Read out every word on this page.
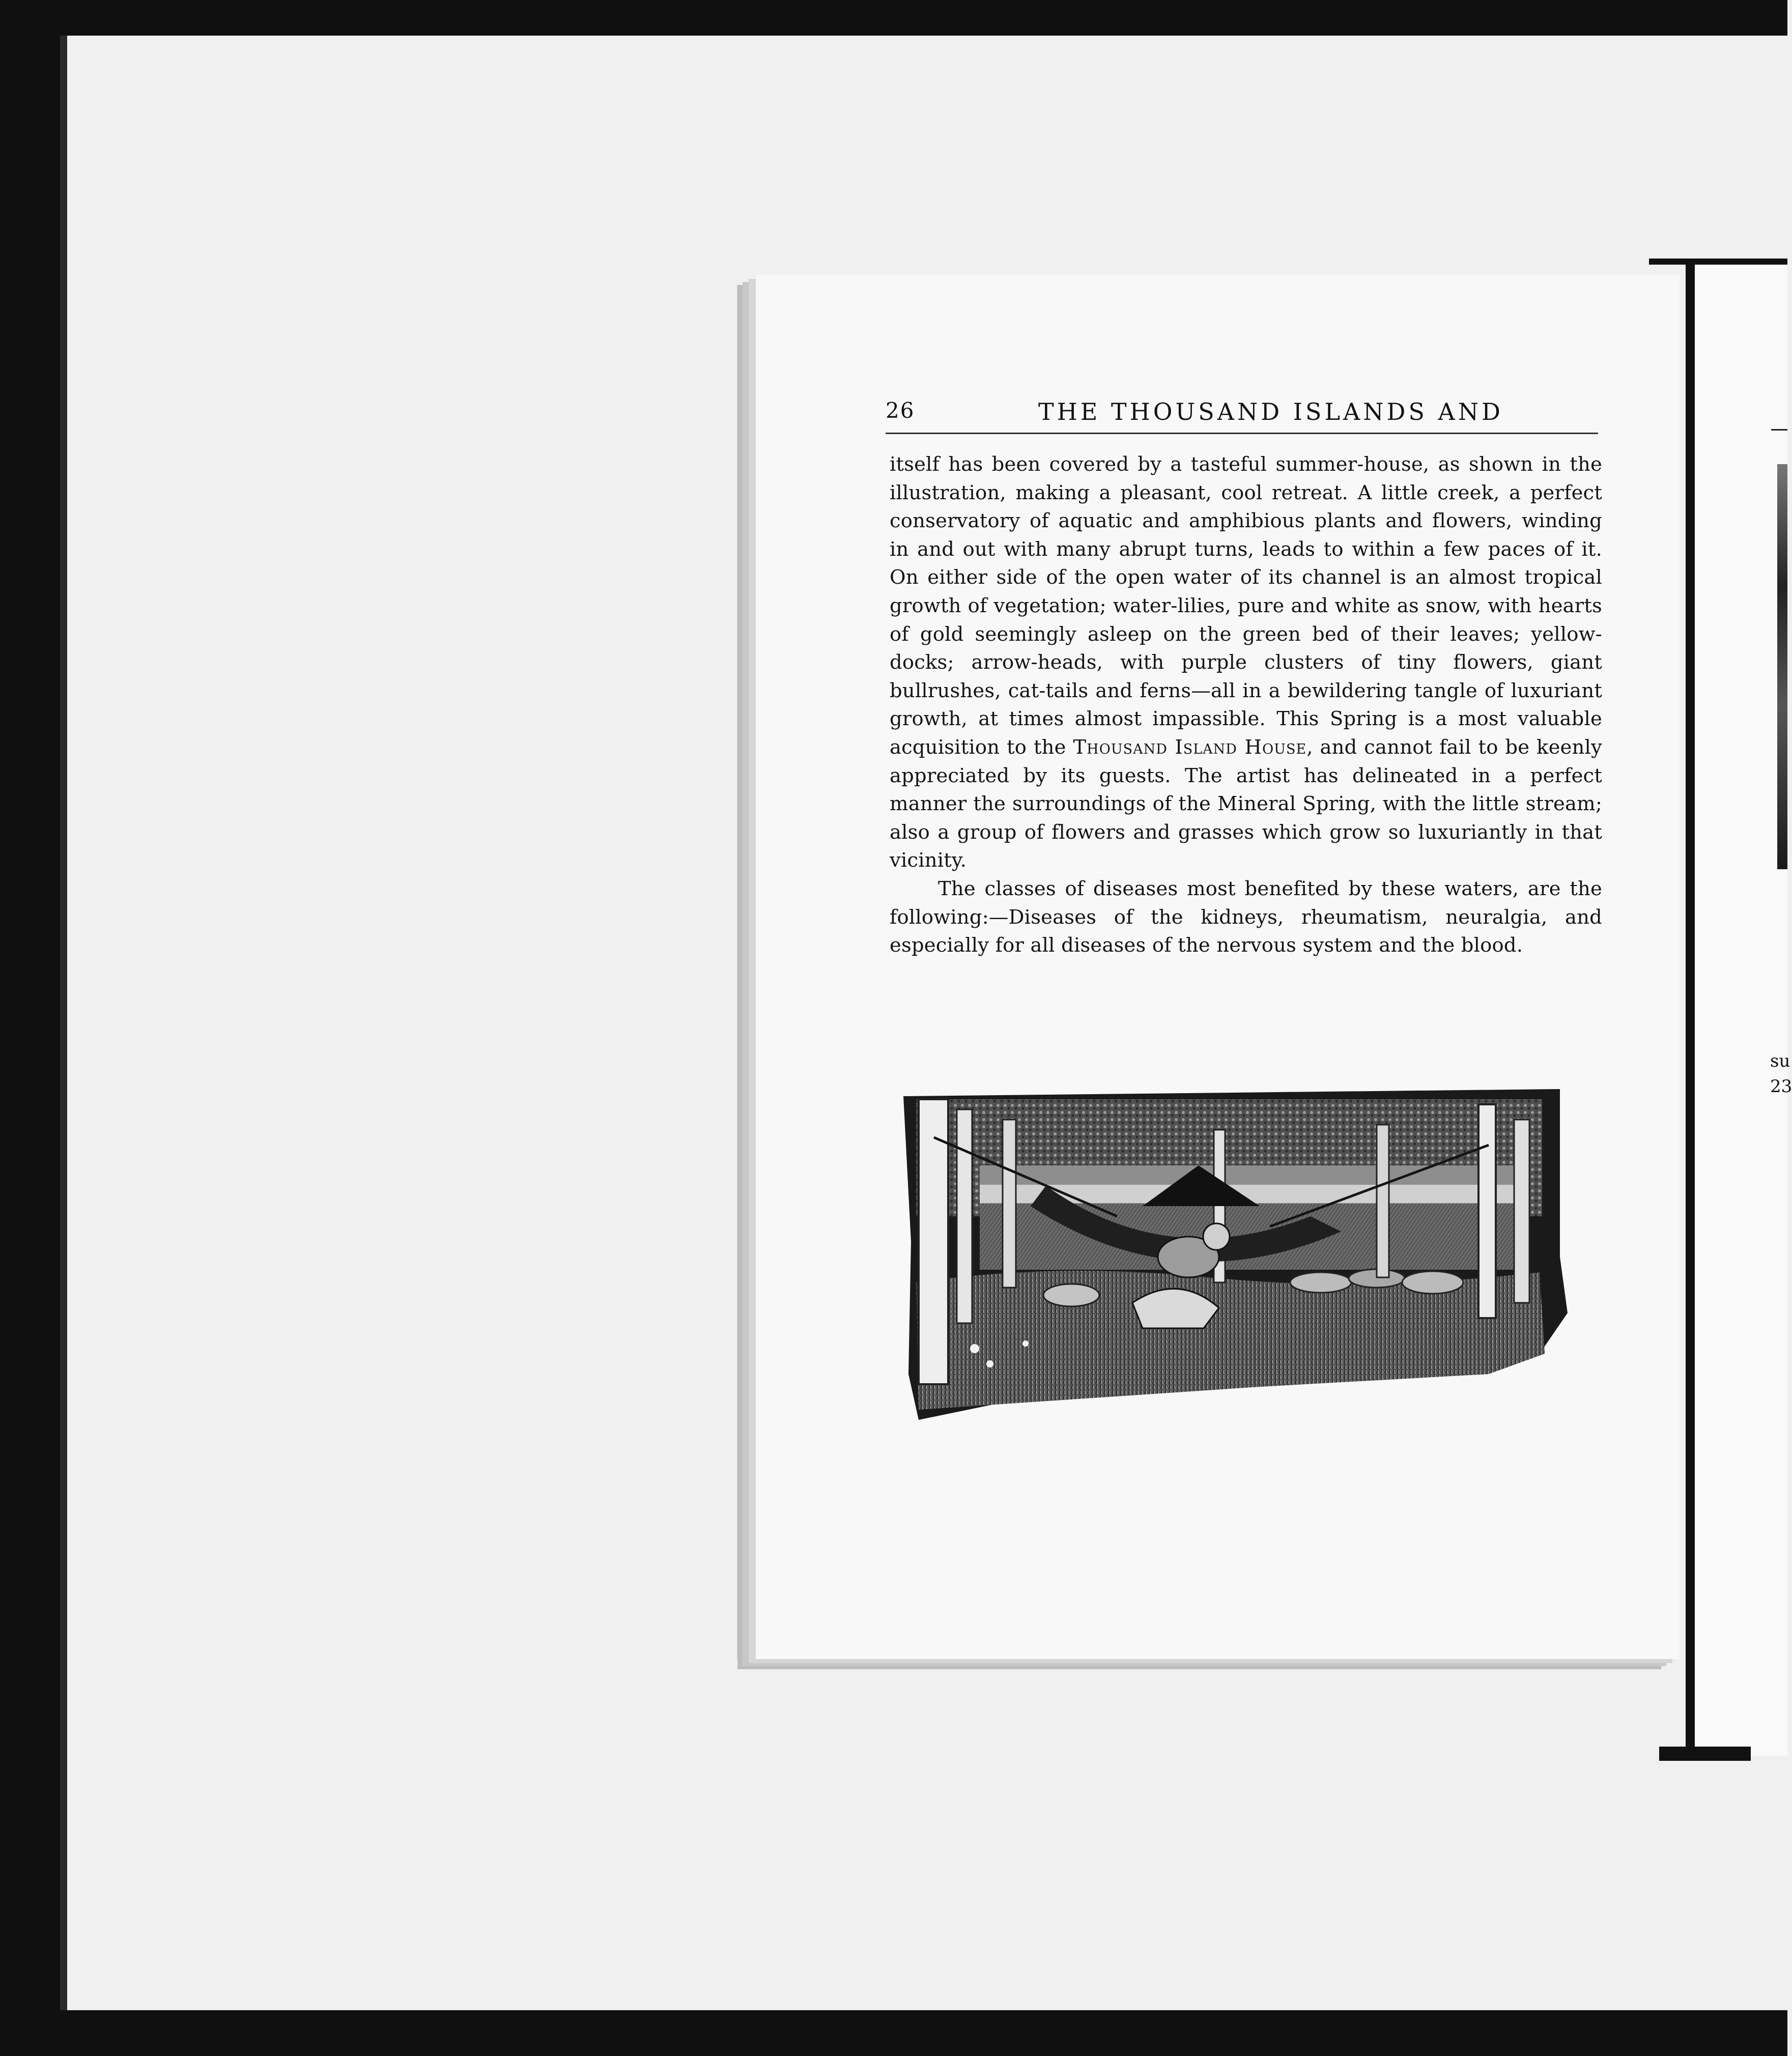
su
23
26	THE THOUSAND ISLANDS AND

itself has been covered by a tasteful summer-house, as shown in the illustration, making a pleasant, cool retreat. A little creek, a perfect conservatory of aquatic and amphibious plants and flowers, winding in and out with many abrupt turns, leads to within a few paces of it. On either side of the open water of its channel is an almost tropical growth of vegetation; water-lilies, pure and white as snow, with hearts of gold seemingly asleep on the green bed of their leaves; yellow-docks; arrow-heads, with purple clusters of tiny flowers, giant bullrushes, cat-tails and ferns—all in a bewildering tangle of luxuriant growth, at times almost impassible. This Spring is a most valuable acquisition to the Thousand Island House, and cannot fail to be keenly appreciated by its guests. The artist has delineated in a perfect manner the surroundings of the Mineral Spring, with the little stream; also a group of flowers and grasses which grow so luxuriantly in that vicinity.

The classes of diseases most benefited by these waters, are the following:—Diseases of the kidneys, rheumatism, neuralgia, and especially for all diseases of the nervous system and the blood.
